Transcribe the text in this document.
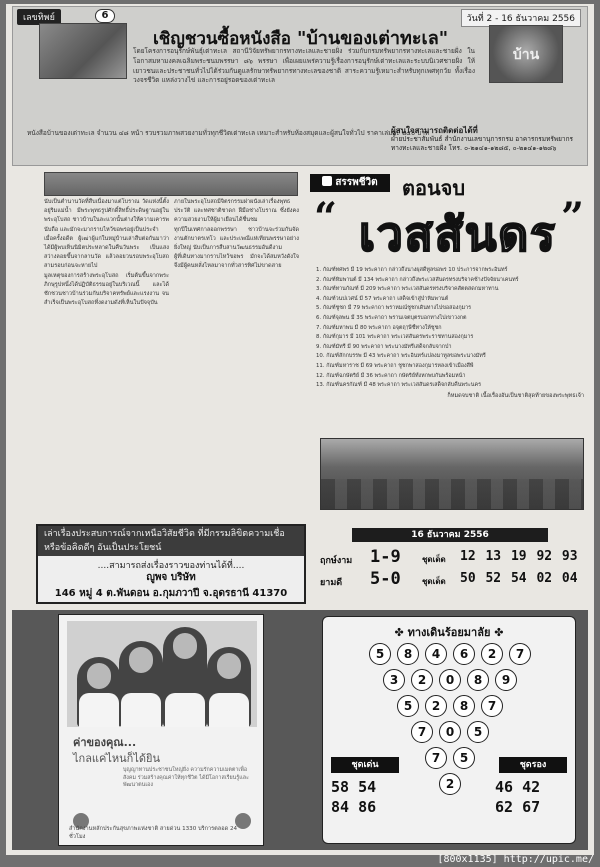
เลขทิพย์	6	วันที่ 2 - 16 ธันวาคม 2556
บ้าน
เชิญชวนซื้อหนังสือ "บ้านของเต่าทะเล"
โดยโครงการอนุรักษ์พันธุ์เต่าทะเล สถานีวิจัยทรัพยากรทางทะเลและชายฝั่ง ร่วมกับกรมทรัพยากรทางทะเลและชายฝั่ง ในโอกาสมหามงคลเฉลิมพระชนมพรรษา ๘๖ พรรษา เพื่อเผยแพร่ความรู้เรื่องการอนุรักษ์เต่าทะเลและระบบนิเวศชายฝั่ง ให้เยาวชนและประชาชนทั่วไปได้ร่วมกันดูแลรักษาทรัพยากรทางทะเลของชาติ สาระความรู้เหมาะสำหรับทุกเพศทุกวัย ทั้งเรื่องวงจรชีวิต แหล่งวางไข่ และการอยู่รอดของเต่าทะเล
หนังสือบ้านของเต่าทะเล จำนวน ๔๘ หน้า รวบรวมภาพสวยงามทั่วทุกชีวิตเต่าทะเล เหมาะสำหรับห้องสมุดและผู้สนใจทั่วไป ราคาเล่มละ ๒๕๐ บาท
ผู้สนใจสามารถติดต่อได้ที่
ฝ่ายประชาสัมพันธ์ สำนักงานเลขานุการกรม อาคารกรมทรัพยากรทางทะเลและชายฝั่ง โทร. ๐-๒๑๔๑-๑๒๘๕, ๐-๒๑๔๑-๑๒๘๖

นับเป็นตำนานวัดที่สืบเนื่องมาแต่โบราณ วัดแห่งนี้ตั้งอยู่ริมแม่น้ำ มีพระพุทธรูปศักดิ์สิทธิ์ประดิษฐานอยู่ในพระอุโบสถ ชาวบ้านในละแวกนั้นต่างให้ความเคารพนับถือ และมักจะมากราบไหว้ขอพรอยู่เป็นประจำ

เมื่อครั้งอดีต ผู้เฒ่าผู้แก่ในหมู่บ้านเล่าสืบต่อกันมาว่า ได้มีผู้พบเห็นนิมิตประหลาดในคืนวันพระ เป็นแสงสว่างลอยขึ้นจากลานวัด แล้วลอยวนรอบพระอุโบสถสามรอบก่อนจะหายไป

มูลเหตุของการสร้างพระอุโบสถ เริ่มต้นขึ้นจากพระภิกษุรูปหนึ่งได้ปฏิบัติธรรมอยู่ในบริเวณนี้ และได้ชักชวนชาวบ้านร่วมกันบริจาคทรัพย์และแรงงาน จนสำเร็จเป็นพระอุโบสถที่งดงามดังที่เห็นในปัจจุบัน

ภายในพระอุโบสถมีจิตรกรรมฝาผนังเล่าเรื่องพุทธประวัติ และทศชาติชาดก ฝีมือช่างโบราณ ซึ่งยังคงความสวยงามให้ผู้มาเยือนได้ชื่นชม

ทุกปีในเทศกาลออกพรรษา ชาวบ้านจะร่วมกันจัดงานตักบาตรเทโว และประเพณีแห่เทียนพรรษาอย่างยิ่งใหญ่ นับเป็นการสืบสานวัฒนธรรมอันดีงาม

ผู้ที่เดินทางมากราบไหว้ขอพร มักจะได้สมหวังดังใจ จึงมีผู้คนหลั่งไหลมาจากทั่วสารทิศไม่ขาดสาย

สรรพชีวิต	ตอนจบ
“ เวสสันดร ”
1. กัณฑ์ทศพร มี 19 พระคาถา กล่าวถึงนางผุสดีทูลขอพร 10 ประการจากพระอินทร์
2. กัณฑ์หิมพานต์ มี 134 พระคาถา กล่าวถึงพระเวสสันดรทรงบริจาคช้างปัจจัยนาเคนทร์
3. กัณฑ์ทานกัณฑ์ มี 209 พระคาถา พระเวสสันดรทรงบริจาคสัตตสดกมหาทาน
4. กัณฑ์วนปเวศน์ มี 57 พระคาถา เสด็จเข้าสู่ป่าหิมพานต์
5. กัณฑ์ชูชก มี 79 พระคาถา พราหมณ์ชูชกเดินทางไปขอสองกุมาร
6. กัณฑ์จุลพน มี 35 พระคาถา พรานเจตบุตรบอกทางไปเขาวงกต
7. กัณฑ์มหาพน มี 80 พระคาถา อจุตฤๅษีชี้ทางให้ชูชก
8. กัณฑ์กุมาร มี 101 พระคาถา พระเวสสันดรพระราชทานสองกุมาร
9. กัณฑ์มัทรี มี 90 พระคาถา พระนางมัทรีเสด็จกลับจากป่า
10. กัณฑ์สักกบรรพ มี 43 พระคาถา พระอินทร์แปลงมาทูลขอพระนางมัทรี
11. กัณฑ์มหาราช มี 69 พระคาถา ชูชกพาสองกุมารหลงเข้าเมืองสีพี
12. กัณฑ์ฉกษัตริย์ มี 36 พระคาถา กษัตริย์ทั้งหกพบกันพร้อมหน้า
13. กัณฑ์นครกัณฑ์ มี 48 พระคาถา พระเวสสันดรเสด็จกลับคืนพระนคร
ก็หมดจบชาติ เนื้อเรื่องอันเป็นชาติสุดท้ายของพระพุทธเจ้า
เล่าเรื่องประสบการณ์จากเหนือวิสัยชีวิต ที่มีกรรมลิขิตความเชื่อ หรือข้อคิดดีๆ อันเป็นประโยชน์
....สามารถส่งเรื่องราวของท่านได้ที่....
ญูพจ บริษัท
146 หมู่ 4 ต.พันดอน อ.กุมภวาปี จ.อุดรธานี 41370
16 ธันวาคม 2556
ฤกษ์งาม 1-9	ชุดเด็ด 12 13 19 92 93
ยามดี 5-0	ชุดเด็ด 50 52 54 02 04
ค่าของคุณ...
ไกลแค่ไหนก็ได้ยิน
บุญญาทานประชาชนใหญ่ยิ่ง ความรักความเมตตาเพื่อสังคม ร่วมสร้างคุณค่าให้ทุกชีวิต ได้มีโอกาสเรียนรู้และพัฒนาตนเอง
สำนักงานหลักประกันสุขภาพแห่งชาติ สายด่วน 1330 บริการตลอด 24 ชั่วโมง
✤ ทางเดินร้อยมาลัย ✤
5	8	4	6	2	7
3	2	0	8	9
5	2	8	7
7	0	5
7	5
2
ชุดเด่น
58 54
84 86
ชุดรอง
46 42
62 67
[800x1135] http://upic.me/
